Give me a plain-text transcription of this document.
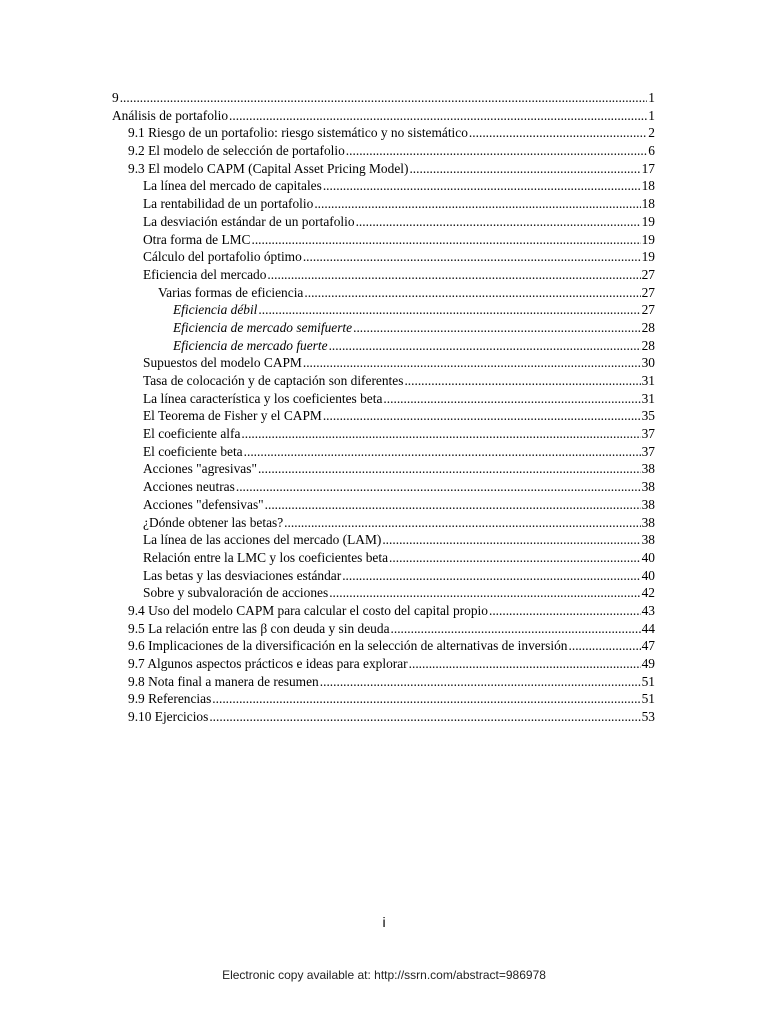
9 .....	1
Análisis de portafolio .....	1
9.1 Riesgo de un portafolio: riesgo sistemático y no sistemático .....	2
9.2 El modelo de selección de portafolio .....	6
9.3 El modelo CAPM (Capital Asset Pricing Model) .....	17
La línea del mercado de capitales .....	18
La rentabilidad de un portafolio .....	18
La desviación estándar de un portafolio .....	19
Otra forma de LMC .....	19
Cálculo del portafolio óptimo .....	19
Eficiencia del mercado .....	27
Varias formas de eficiencia .....	27
Eficiencia débil .....	27
Eficiencia de mercado semifuerte .....	28
Eficiencia de mercado fuerte .....	28
Supuestos del modelo CAPM .....	30
Tasa de colocación y de captación son diferentes .....	31
La línea característica y los coeficientes beta .....	31
El Teorema de Fisher y el CAPM .....	35
El coeficiente alfa .....	37
El coeficiente beta .....	37
Acciones "agresivas" .....	38
Acciones neutras .....	38
Acciones "defensivas" .....	38
¿Dónde obtener las betas? .....	38
La línea de las acciones del mercado (LAM) .....	38
Relación entre la LMC y los coeficientes beta .....	40
Las betas y las desviaciones estándar .....	40
Sobre y subvaloración de acciones .....	42
9.4 Uso del modelo CAPM para calcular el costo del capital propio .....	43
9.5 La relación entre las β con deuda y sin deuda .....	44
9.6 Implicaciones de la diversificación en la selección de alternativas de inversión .....	47
9.7 Algunos aspectos prácticos e ideas para explorar .....	49
9.8 Nota final a manera de resumen .....	51
9.9 Referencias .....	51
9.10 Ejercicios .....	53
i
Electronic copy available at: http://ssrn.com/abstract=986978
